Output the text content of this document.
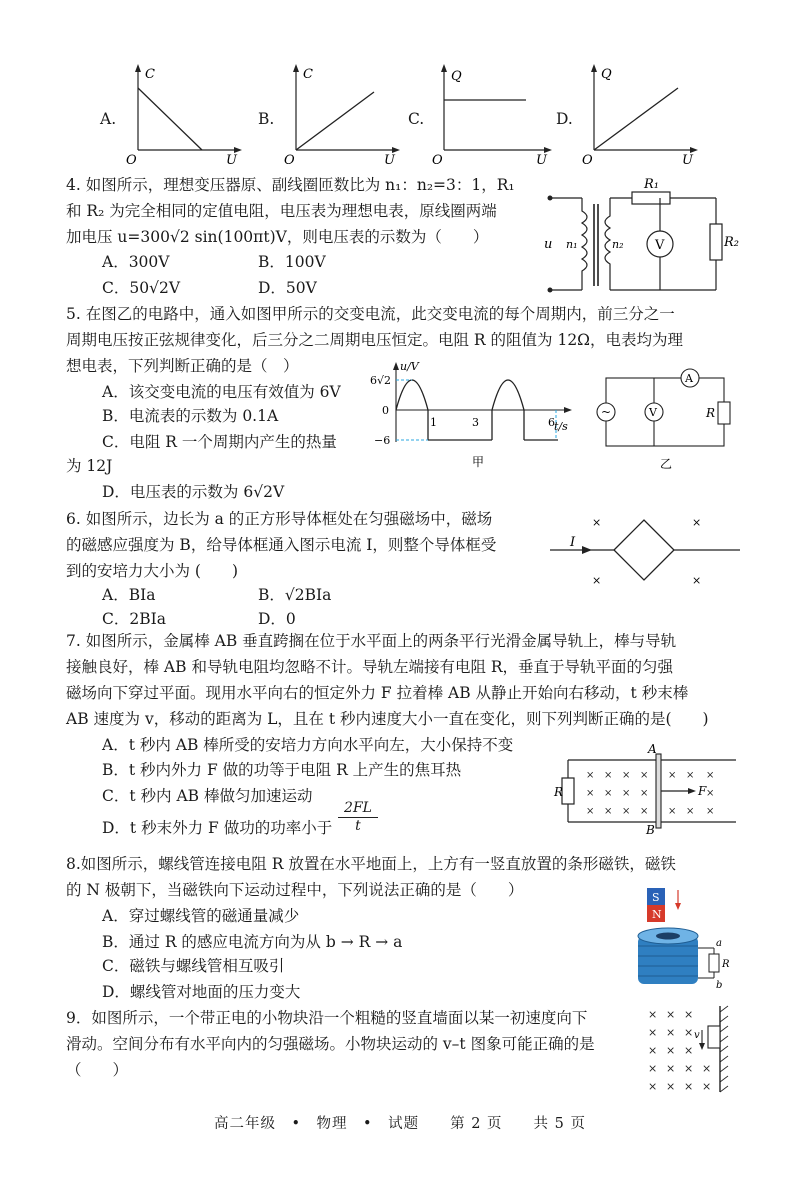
A.	B.	C.	D.
C
U
O
C
U
O
Q
U
O
Q
U
O
4. 如图所示，理想变压器原、副线圈匝数比为 n₁：n₂=3：1，R₁
和 R₂ 为完全相同的定值电阻，电压表为理想电表，原线圈两端
加电压 u=300√2 sin(100πt)V，则电压表的示数为（　　）
A．300V	B．100V
C．50√2V	D．50V
V
R₁
R₂
u n₁	n₂
5. 在图乙的电路中，通入如图甲所示的交变电流，此交变电流的每个周期内，前三分之一
周期电压按正弦规律变化，后三分之二周期电压恒定。电阻 R 的阻值为 12Ω，电表均为理
想电表，下列判断正确的是（　）
A．该交变电流的电压有效值为 6V
B．电流表的示数为 0.1A
C．电阻 R 一个周期内产生的热量
为 12J
D．电压表的示数为 6√2V
u/V
t/s
6√2
0
−6
1	3	6
甲
~	V
A
R
乙
6. 如图所示，边长为 a 的正方形导体框处在匀强磁场中，磁场
的磁感应强度为 B，给导体框通入图示电流 I，则整个导体框受
到的安培力大小为 (　　)
A．BIa	B．√2BIa
C．2BIa	D．0
I
×	×
×	×
7. 如图所示，金属棒 AB 垂直跨搁在位于水平面上的两条平行光滑金属导轨上，棒与导轨
接触良好，棒 AB 和导轨电阻均忽略不计。导轨左端接有电阻 R，垂直于导轨平面的匀强
磁场向下穿过平面。现用水平向右的恒定外力 F 拉着棒 AB 从静止开始向右移动，t 秒末棒
AB 速度为 v，移动的距离为 L，且在 t 秒内速度大小一直在变化，则下列判断正确的是(　　)
A．t 秒内 AB 棒所受的安培力方向水平向左，大小保持不变
B．t 秒内外力 F 做的功等于电阻 R 上产生的焦耳热
C．t 秒内 AB 棒做匀加速运动
D．t 秒末外力 F 做功的功率小于 $\frac{2FL}{t}$
R
A
B
F
× × × × × × ×
× × × ×	×
× × × × × × ×
8.如图所示，螺线管连接电阻 R 放置在水平地面上，上方有一竖直放置的条形磁铁，磁铁
的 N 极朝下，当磁铁向下运动过程中，下列说法正确的是（　　）
A．穿过螺线管的磁通量减少
B．通过 R 的感应电流方向为从 b → R → a
C．磁铁与螺线管相互吸引
D．螺线管对地面的压力变大
S
N
a
b
R
9．如图所示，一个带正电的小物块沿一个粗糙的竖直墙面以某一初速度向下
滑动。空间分布有水平向内的匀强磁场。小物块运动的 v–t 图象可能正确的是
（　　）
× × ×
× × ×
× × ×
× × × ×
× × × ×
v
高二年级　•　物理　•　试题　　第 2 页　　共 5 页
